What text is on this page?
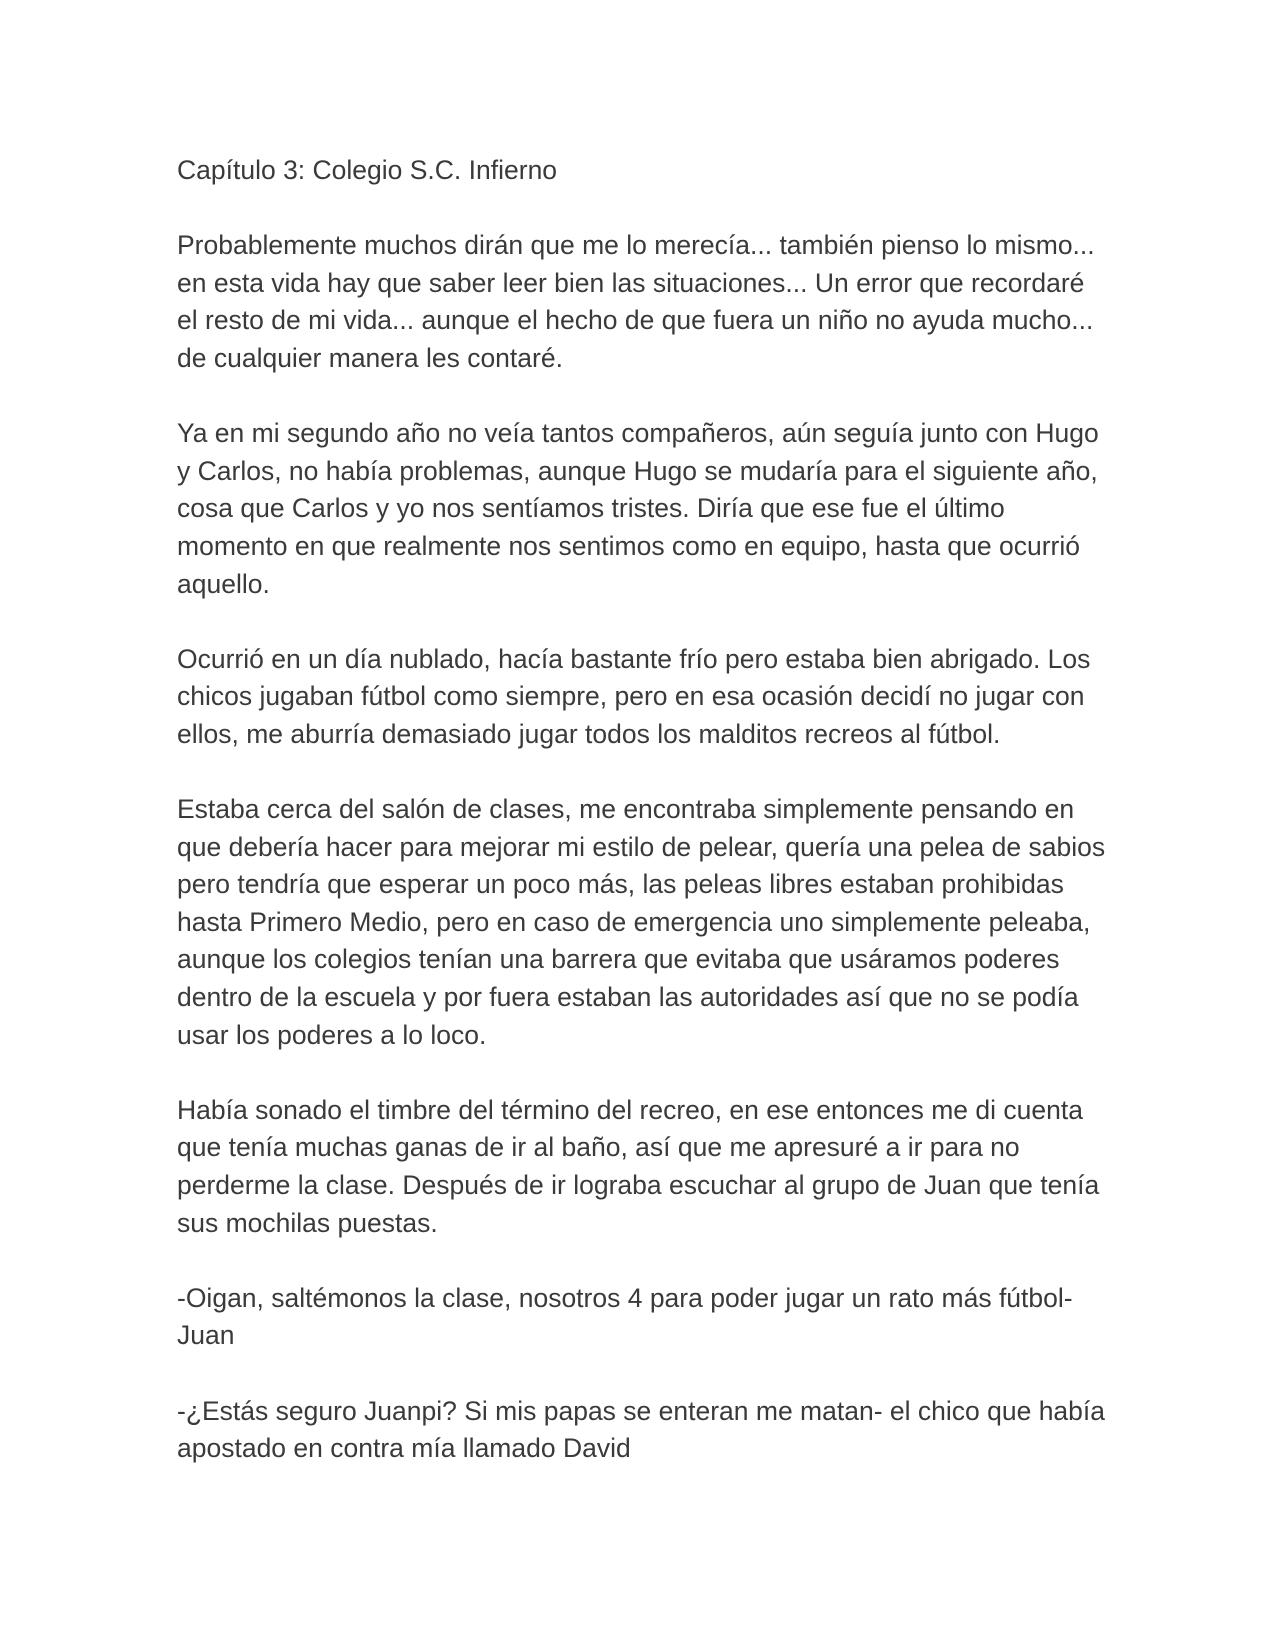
Capítulo 3: Colegio S.C. Infierno

Probablemente muchos dirán que me lo merecía... también pienso lo mismo... en esta vida hay que saber leer bien las situaciones... Un error que recordaré el resto de mi vida... aunque el hecho de que fuera un niño no ayuda mucho... de cualquier manera les contaré.

Ya en mi segundo año no veía tantos compañeros, aún seguía junto con Hugo y Carlos, no había problemas, aunque Hugo se mudaría para el siguiente año, cosa que Carlos y yo nos sentíamos tristes. Diría que ese fue el último momento en que realmente nos sentimos como en equipo, hasta que ocurrió aquello.

Ocurrió en un día nublado, hacía bastante frío pero estaba bien abrigado. Los chicos jugaban fútbol como siempre, pero en esa ocasión decidí no jugar con ellos, me aburría demasiado jugar todos los malditos recreos al fútbol.

Estaba cerca del salón de clases, me encontraba simplemente pensando en que debería hacer para mejorar mi estilo de pelear, quería una pelea de sabios pero tendría que esperar un poco más, las peleas libres estaban prohibidas hasta Primero Medio, pero en caso de emergencia uno simplemente peleaba, aunque los colegios tenían una barrera que evitaba que usáramos poderes dentro de la escuela y por fuera estaban las autoridades así que no se podía usar los poderes a lo loco.

Había sonado el timbre del término del recreo, en ese entonces me di cuenta que tenía muchas ganas de ir al baño, así que me apresuré a ir para no perderme la clase. Después de ir lograba escuchar al grupo de Juan que tenía sus mochilas puestas.

-Oigan, saltémonos la clase, nosotros 4 para poder jugar un rato más fútbol- Juan

-¿Estás seguro Juanpi? Si mis papas se enteran me matan- el chico que había apostado en contra mía llamado David
